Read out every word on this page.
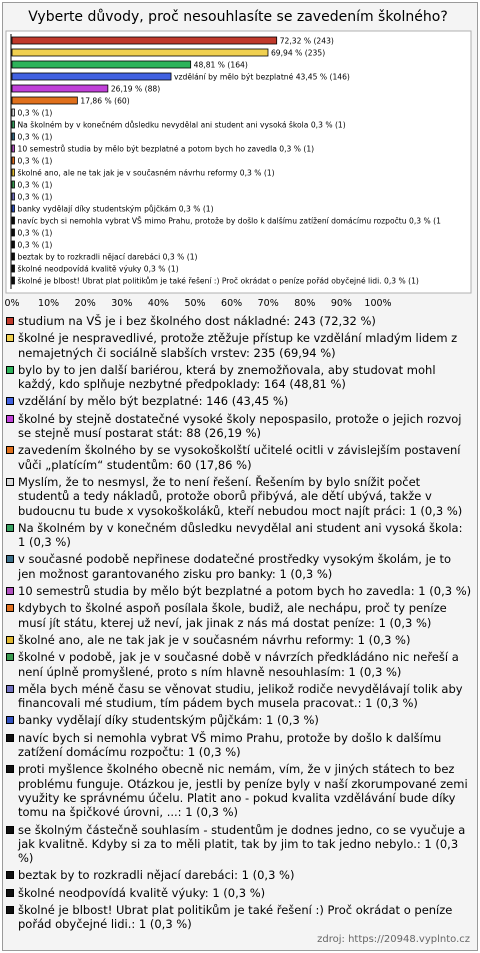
Vyberte důvody, proč nesouhlasíte se zavedením školného?
72,32 % (243)
69,94 % (235)
48,81 % (164)
vzdělání by mělo být bezplatné 43,45 % (146)
26,19 % (88)
17,86 % (60)
0,3 % (1)
Na školném by v konečném důsledku nevydělal ani student ani vysoká škola 0,3 % (1)
0,3 % (1)
10 semestrů studia by mělo být bezplatné a potom bych ho zavedla 0,3 % (1)
0,3 % (1)
školné ano, ale ne tak jak je v současném návrhu reformy 0,3 % (1)
0,3 % (1)
0,3 % (1)
banky vydělají díky studentským půjčkám 0,3 % (1)
navíc bych si nemohla vybrat VŠ mimo Prahu, protože by došlo k dalšímu zatížení domácímu rozpočtu 0,3 % (1
0,3 % (1)
0,3 % (1)
beztak by to rozkradli nějací darebáci 0,3 % (1)
školné neodpovídá kvalitě výuky 0,3 % (1)
školné je blbost! Ubrat plat politikům je také řešení :) Proč okrádat o peníze pořád obyčejné lidi. 0,3 % (1)
0% 10% 20% 30% 40% 50% 60% 70% 80% 90% 100%
studium na VŠ je i bez školného dost nákladné: 243 (72,32 %)
školné je nespravedlivé, protože ztěžuje přístup ke vzdělání mladým lidem z nemajetných či sociálně slabších vrstev: 235 (69,94 %)
bylo by to jen další bariérou, která by znemožňovala, aby studovat mohl každý, kdo splňuje nezbytné předpoklady: 164 (48,81 %)
vzdělání by mělo být bezplatné: 146 (43,45 %)
školné by stejně dostatečné vysoké školy nepospasilo, protože o jejich rozvoj se stejně musí postarat stát: 88 (26,19 %)
zavedením školného by se vysokoškolští učitelé ocitli v závislejším postavení vůči „platícím“ studentům: 60 (17,86 %)
Myslím, že to nesmysl, že to není řešení. Řešením by bylo snížit počet studentů a tedy nákladů, protože oborů přibývá, ale dětí ubývá, takže v budoucnu tu bude x vysokoškoláků, kteří nebudou moct najít práci: 1 (0,3 %)
Na školném by v konečném důsledku nevydělal ani student ani vysoká škola: 1 (0,3 %)
v současné podobě nepřinese dodatečné prostředky vysokým školám, je to jen možnost garantovaného zisku pro banky: 1 (0,3 %)
10 semestrů studia by mělo být bezplatné a potom bych ho zavedla: 1 (0,3 %)
kdybych to školné aspoň posílala škole, budiž, ale nechápu, proč ty peníze musí jít státu, kterej už neví, jak jinak z nás má dostat peníze: 1 (0,3 %)
školné ano, ale ne tak jak je v současném návrhu reformy: 1 (0,3 %)
školné v podobě, jak je v současné době v návrzích předkládáno nic neřeší a není úplně promyšlené, proto s ním hlavně nesouhlasím: 1 (0,3 %)
měla bych méně času se věnovat studiu, jelikož rodiče nevydělávají tolik aby financovali mé studium, tím pádem bych musela pracovat.: 1 (0,3 %)
banky vydělají díky studentským půjčkám: 1 (0,3 %)
navíc bych si nemohla vybrat VŠ mimo Prahu, protože by došlo k dalšímu zatížení domácímu rozpočtu: 1 (0,3 %)
proti myšlence školného obecně nic nemám, vím, že v jiných státech to bez problému funguje. Otázkou je, jestli by peníze byly v naší zkorumpované zemi využity ke správnému účelu. Platit ano - pokud kvalita vzdělávání bude díky tomu na špičkové úrovni, ...: 1 (0,3 %)
se školným částečně souhlasím - studentům je dodnes jedno, co se vyučuje a jak kvalitně. Kdyby si za to měli platit, tak by jim to tak jedno nebylo.: 1 (0,3 %)
beztak by to rozkradli nějací darebáci: 1 (0,3 %)
školné neodpovídá kvalitě výuky: 1 (0,3 %)
školné je blbost! Ubrat plat politikům je také řešení :) Proč okrádat o peníze pořád obyčejné lidi.: 1 (0,3 %)
zdroj: https://20948.vyplnto.cz
